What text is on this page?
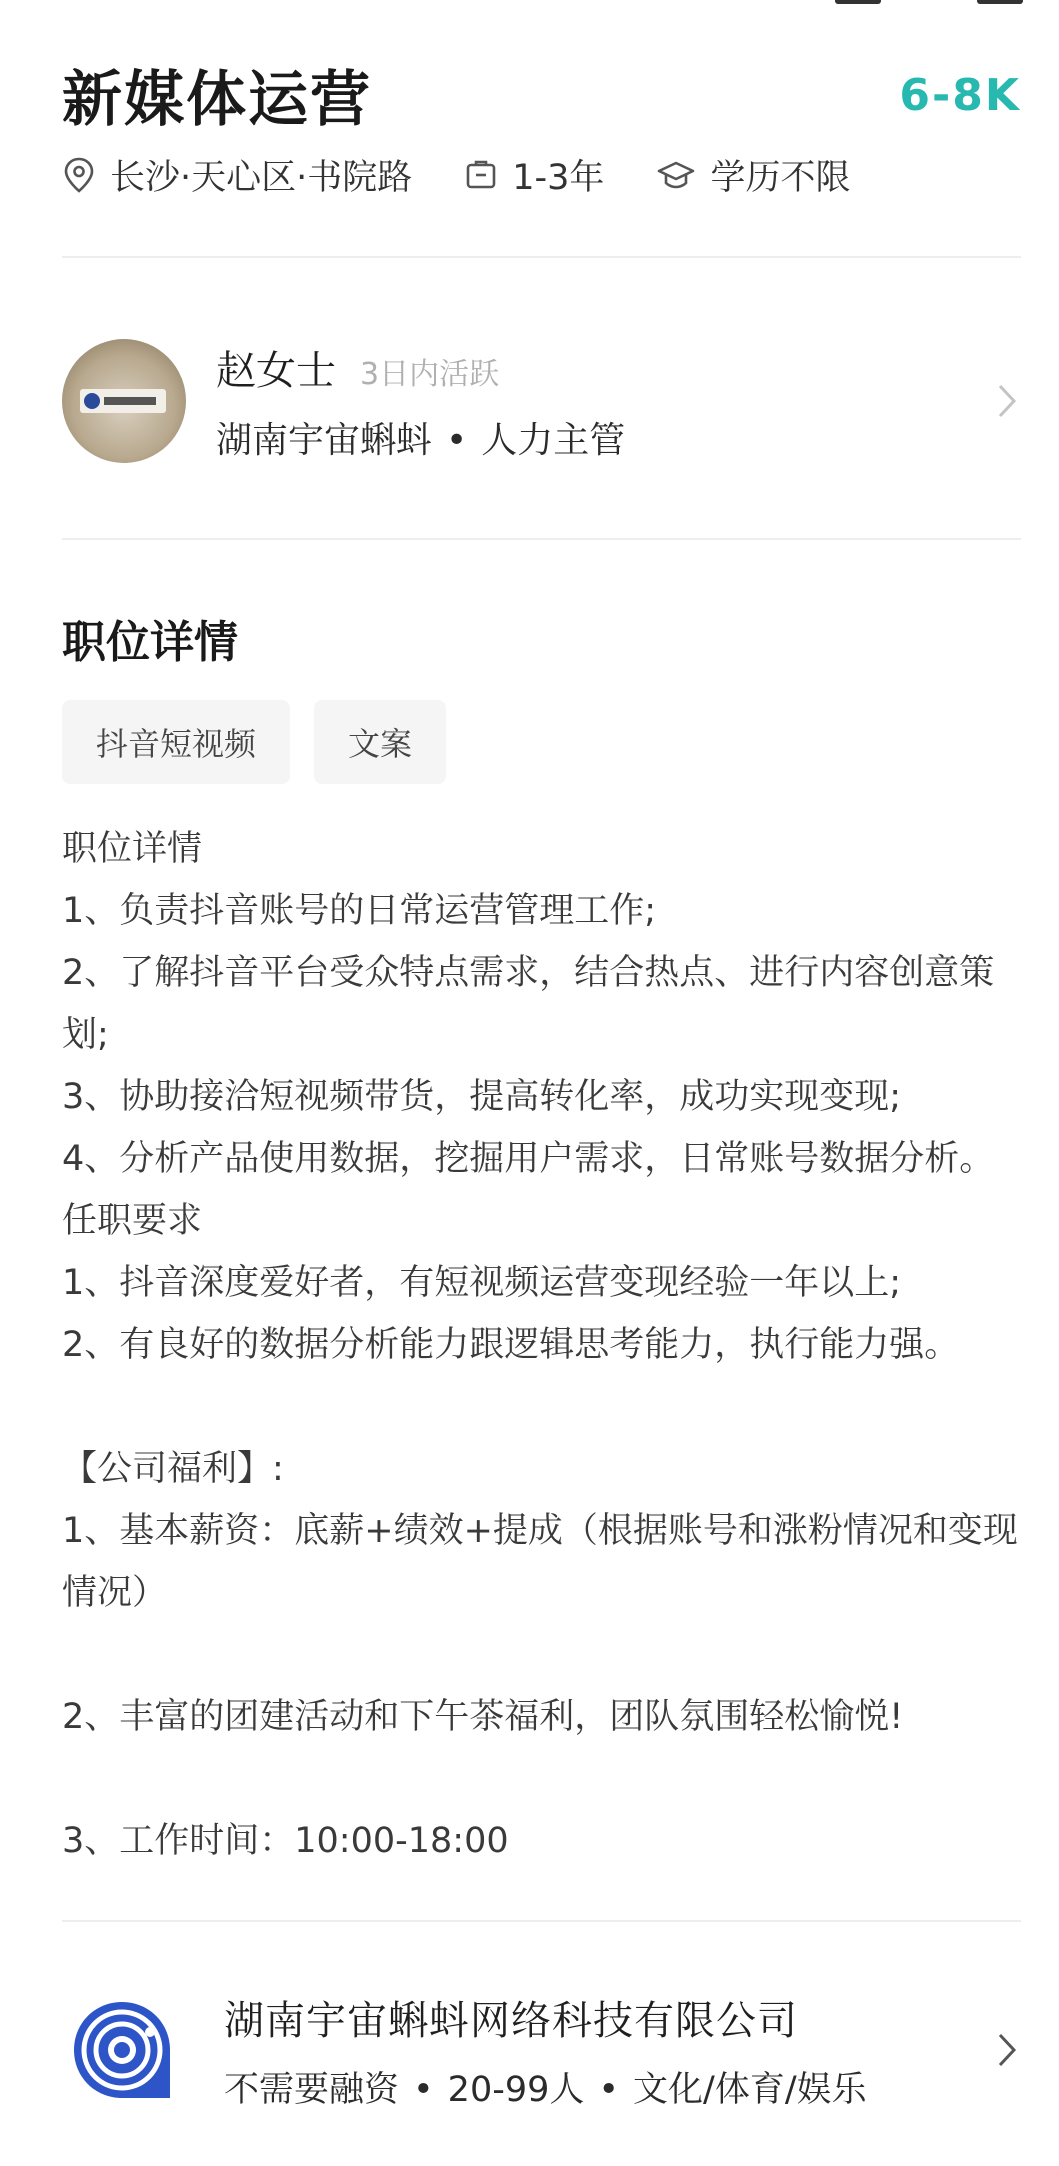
新媒体运营	6-8K
长沙·天心区·书院路	1-3年	学历不限
赵女士 3日内活跃
湖南宇宙蝌蚪 • 人力主管
职位详情
抖音短视频	文案

职位详情

1、负责抖音账号的日常运营管理工作;

2、了解抖音平台受众特点需求，结合热点、进行内容创意策划;

3、协助接洽短视频带货，提高转化率，成功实现变现;

4、分析产品使用数据，挖掘用户需求，日常账号数据分析。

任职要求

1、抖音深度爱好者，有短视频运营变现经验一年以上;

2、有良好的数据分析能力跟逻辑思考能力，执行能力强。

【公司福利】:

1、基本薪资：底薪+绩效+提成（根据账号和涨粉情况和变现情况）

2、丰富的团建活动和下午茶福利，团队氛围轻松愉悦!

3、工作时间：10:00-18:00

湖南宇宙蝌蚪网络科技有限公司
不需要融资 • 20-99人 • 文化/体育/娱乐
